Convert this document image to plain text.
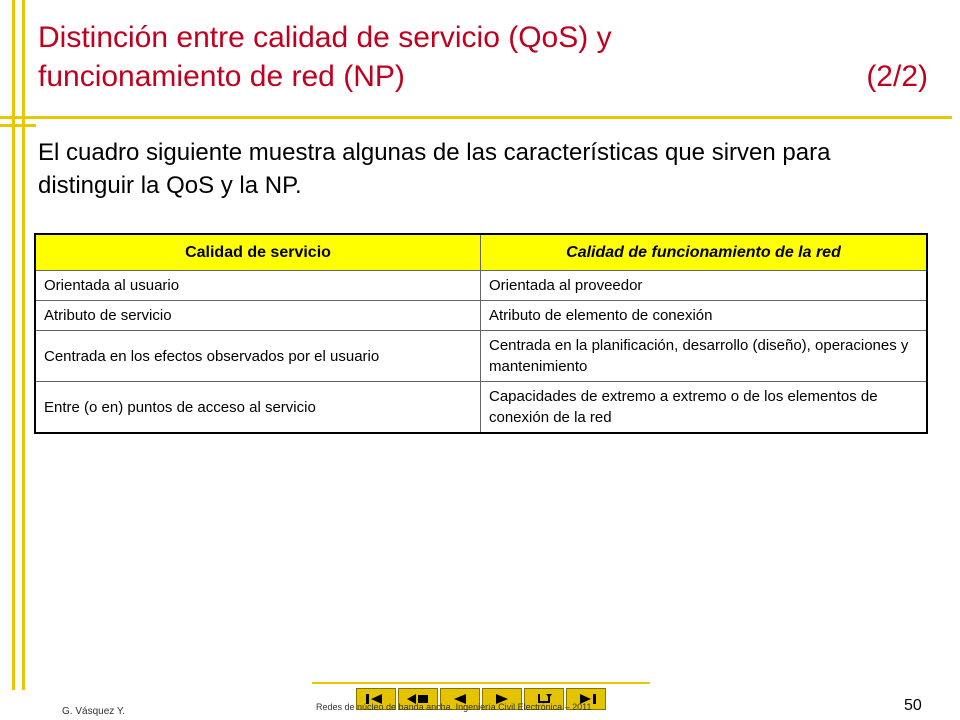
Distinción entre calidad de servicio (QoS) y
funcionamiento de red (NP)	(2/2)
El cuadro siguiente muestra algunas de las características que sirven para distinguir la QoS y la NP.
Calidad de servicio	Calidad de funcionamiento de la red
Orientada al usuario	Orientada al proveedor
Atributo de servicio	Atributo de elemento de conexión
Centrada en los efectos observados por el usuario	Centrada en la planificación, desarrollo (diseño), operaciones y mantenimiento
Entre (o en) puntos de acceso al servicio	Capacidades de extremo a extremo o de los elementos de conexión de la red
G. Vásquez Y.	Redes de núcleo de banda ancha. Ingeniería Civil Electrónica – 2011	50
